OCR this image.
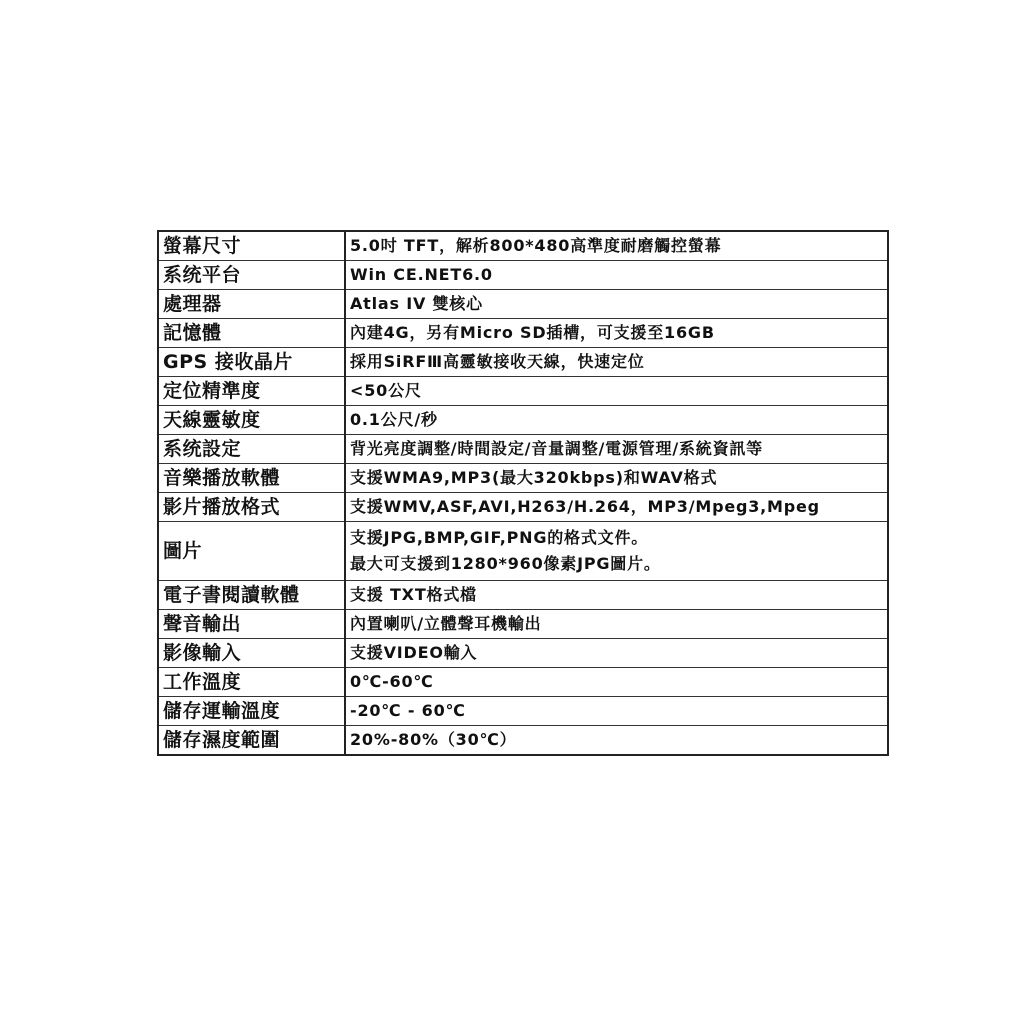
螢幕尺寸	5.0吋 TFT，解析800*480高準度耐磨觸控螢幕
系统平台	Win CE.NET6.0
處理器	Atlas IV 雙核心
記憶體	內建4G，另有Micro SD插槽，可支援至16GB
GPS 接收晶片	採用SiRFⅢ高靈敏接收天線，快速定位
定位精準度	<50公尺
天線靈敏度	0.1公尺/秒
系统設定	背光亮度調整/時間設定/音量調整/電源管理/系統資訊等
音樂播放軟體	支援WMA9,MP3(最大320kbps)和WAV格式
影片播放格式	支援WMV,ASF,AVI,H263/H.264，MP3/Mpeg3,Mpeg
圖片	支援JPG,BMP,GIF,PNG的格式文件。
最大可支援到1280*960像素JPG圖片。

電子書閱讀軟體	支援 TXT格式檔
聲音輸出	內置喇叭/立體聲耳機輸出
影像輸入	支援VIDEO輸入
工作溫度	0℃-60℃
儲存運輸溫度	-20℃ - 60℃
儲存濕度範圍	20%-80%（30℃）
